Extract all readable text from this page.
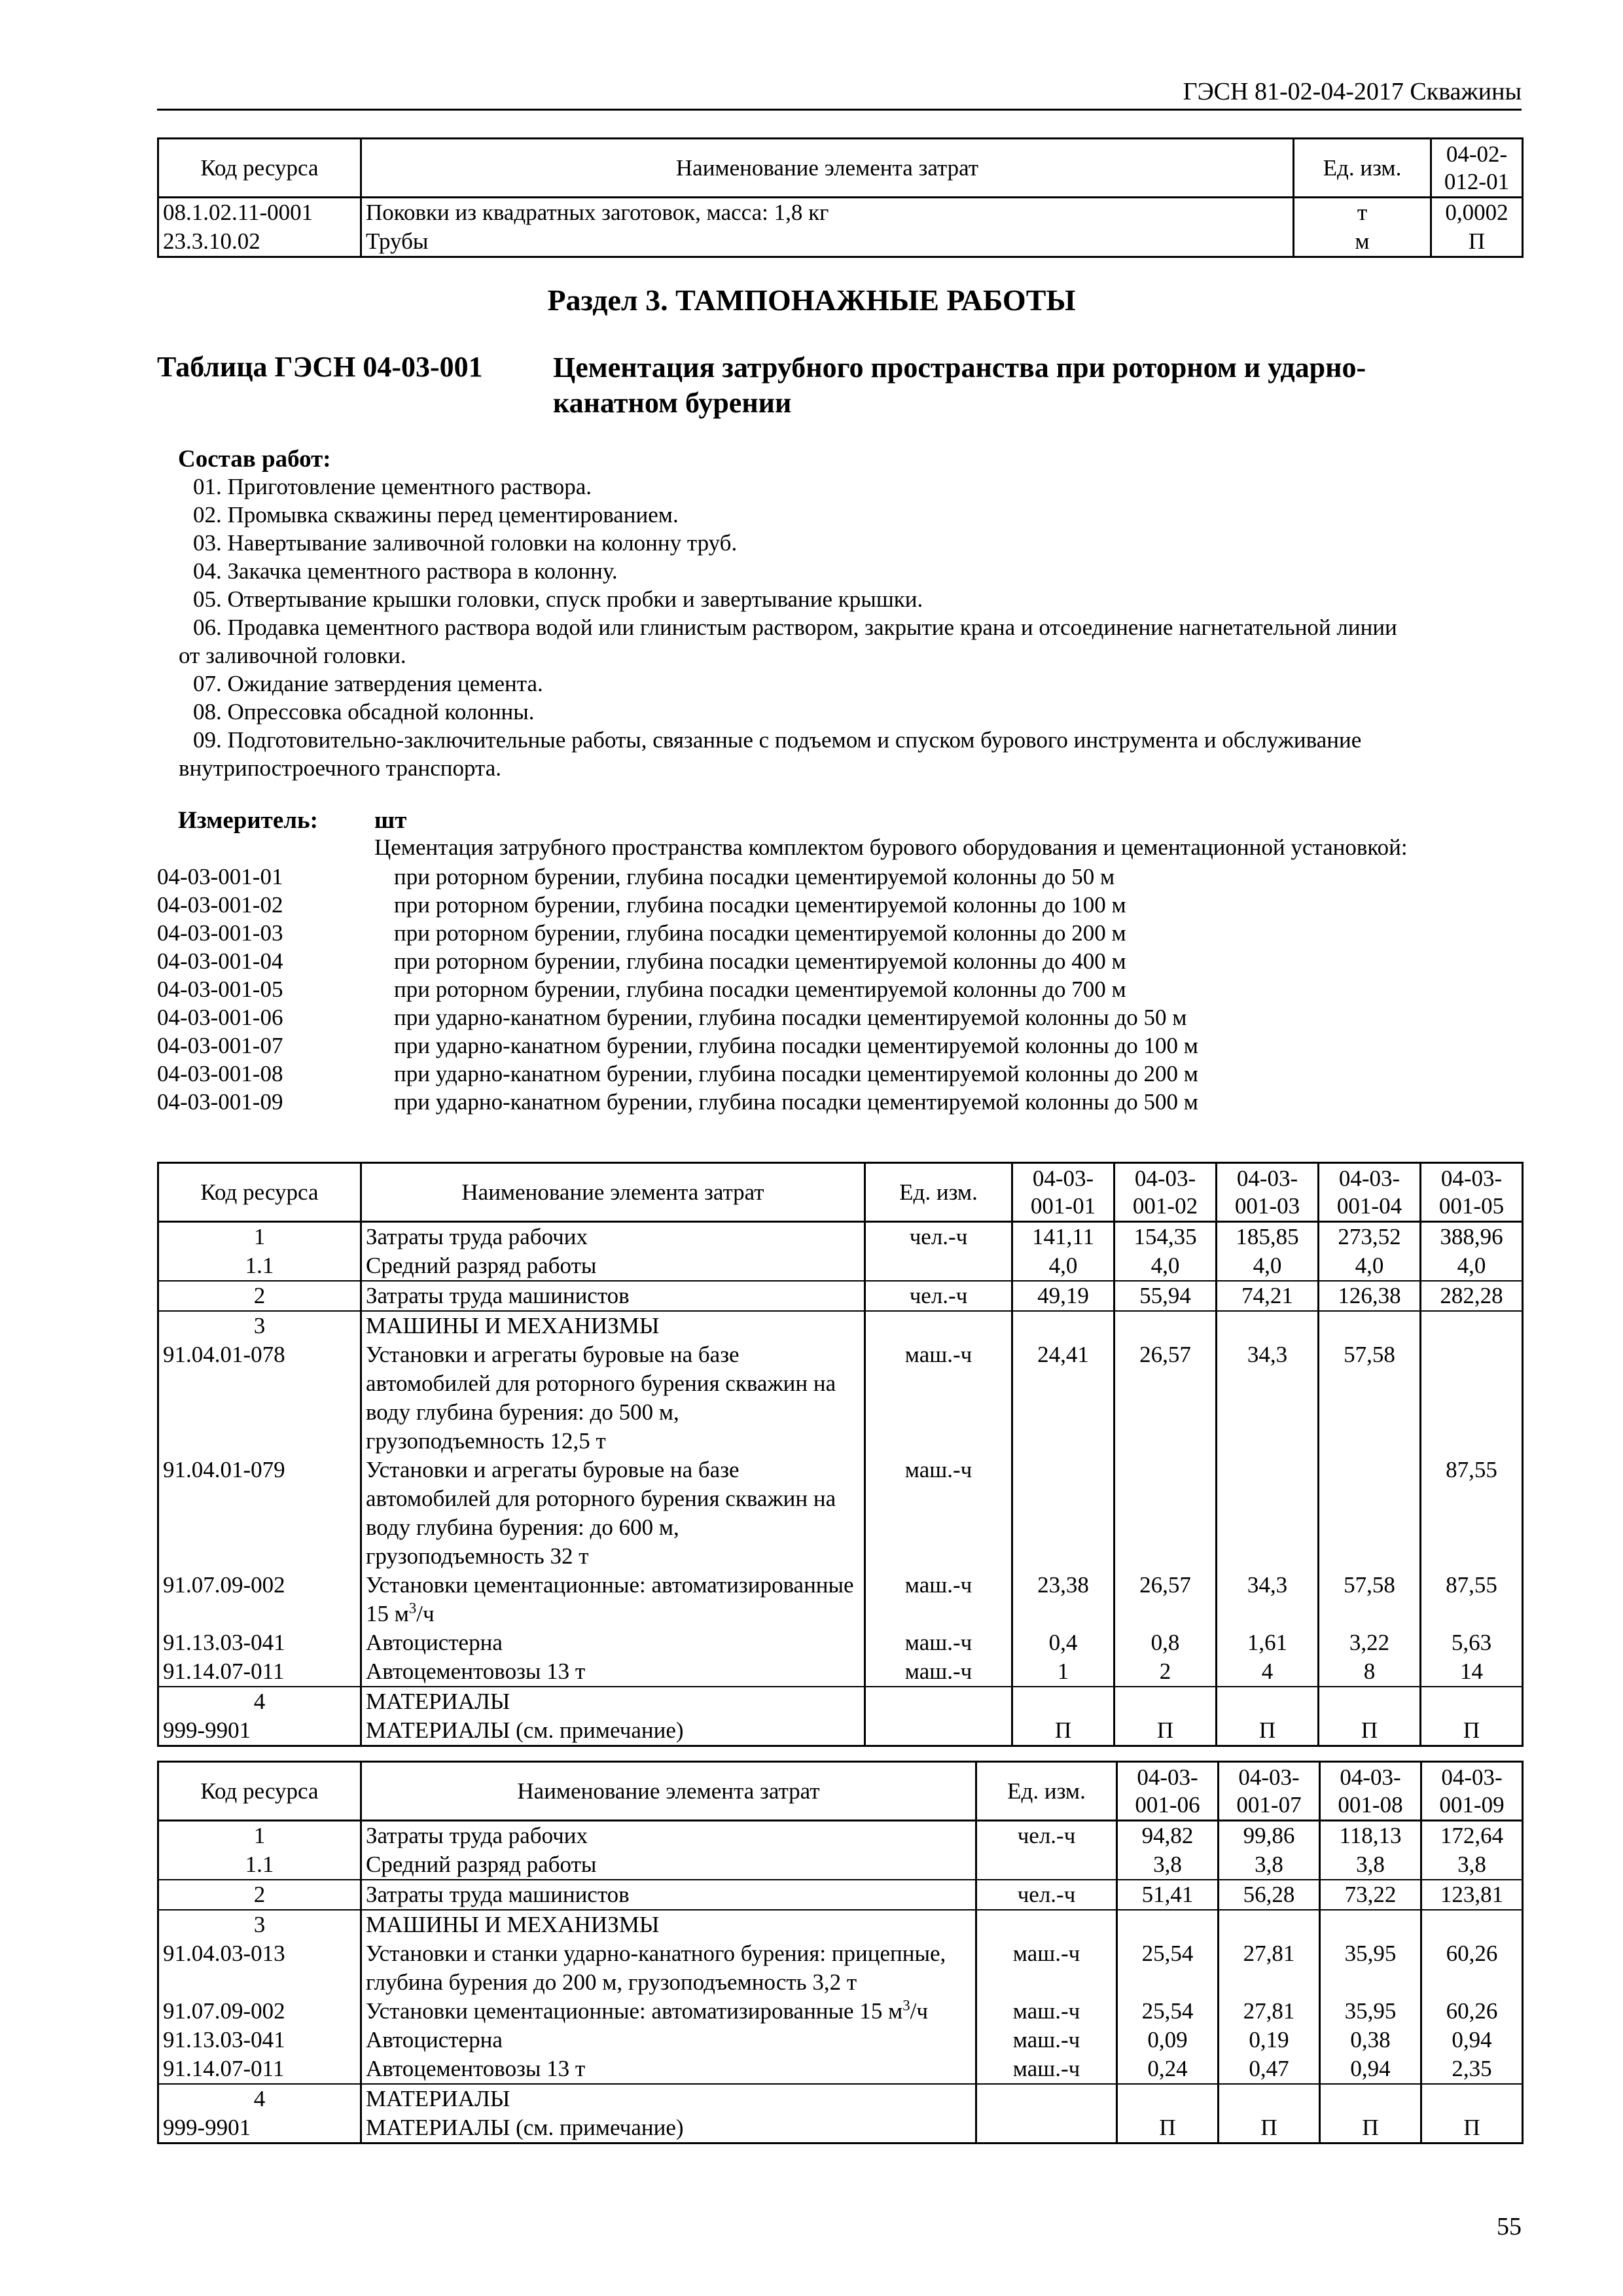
ГЭСН 81-02-04-2017 Скважины
Код ресурса	Наименование элемента затрат	Ед. изм.	04-02-012-01
08.1.02.11-0001	Поковки из квадратных заготовок, масса: 1,8 кг	т	0,0002
23.3.10.02	Трубы	м	П
Раздел 3. ТАМПОНАЖНЫЕ РАБОТЫ
Таблица ГЭСН 04-03-001 Цементация затрубного пространства при роторном и ударно-канатном бурении
Состав работ:
01. Приготовление цементного раствора.
02. Промывка скважины перед цементированием.
03. Навертывание заливочной головки на колонну труб.
04. Закачка цементного раствора в колонну.
05. Отвертывание крышки головки, спуск пробки и завертывание крышки.
06. Продавка цементного раствора водой или глинистым раствором, закрытие крана и отсоединение нагнетательной линии
от заливочной головки.
07. Ожидание затвердения цемента.
08. Опрессовка обсадной колонны.
09. Подготовительно-заключительные работы, связанные с подъемом и спуском бурового инструмента и обслуживание
внутрипостроечного транспорта.
Измеритель: шт
Цементация затрубного пространства комплектом бурового оборудования и цементационной установкой:
04-03-001-01	при роторном бурении, глубина посадки цементируемой колонны до 50 м
04-03-001-02	при роторном бурении, глубина посадки цементируемой колонны до 100 м
04-03-001-03	при роторном бурении, глубина посадки цементируемой колонны до 200 м
04-03-001-04	при роторном бурении, глубина посадки цементируемой колонны до 400 м
04-03-001-05	при роторном бурении, глубина посадки цементируемой колонны до 700 м
04-03-001-06	при ударно-канатном бурении, глубина посадки цементируемой колонны до 50 м
04-03-001-07	при ударно-канатном бурении, глубина посадки цементируемой колонны до 100 м
04-03-001-08	при ударно-канатном бурении, глубина посадки цементируемой колонны до 200 м
04-03-001-09	при ударно-канатном бурении, глубина посадки цементируемой колонны до 500 м
Код ресурса	Наименование элемента затрат	Ед. изм.	04-03-001-01	04-03-001-02	04-03-001-03	04-03-001-04	04-03-001-05
1	Затраты труда рабочих	чел.-ч	141,11	154,35	185,85	273,52	388,96
1.1	Средний разряд работы		4,0	4,0	4,0	4,0	4,0
2	Затраты труда машинистов	чел.-ч	49,19	55,94	74,21	126,38	282,28
3	МАШИНЫ И МЕХАНИЗМЫ						
91.04.01-078	Установки и агрегаты буровые на базе автомобилей для роторного бурения скважин на воду глубина бурения: до 500 м, грузоподъемность 12,5 т	маш.-ч	24,41	26,57	34,3	57,58	
91.04.01-079	Установки и агрегаты буровые на базе автомобилей для роторного бурения скважин на воду глубина бурения: до 600 м, грузоподъемность 32 т	маш.-ч					87,55
91.07.09-002	Установки цементационные: автоматизированные 15 $м^3/ч$	маш.-ч	23,38	26,57	34,3	57,58	87,55
91.13.03-041	Автоцистерна	маш.-ч	0,4	0,8	1,61	3,22	5,63
91.14.07-011	Автоцементовозы 13 т	маш.-ч	1	2	4	8	14
4	МАТЕРИАЛЫ						
999-9901	МАТЕРИАЛЫ (см. примечание)		П	П	П	П	П
Код ресурса	Наименование элемента затрат	Ед. изм.	04-03-001-06	04-03-001-07	04-03-001-08	04-03-001-09
1	Затраты труда рабочих	чел.-ч	94,82	99,86	118,13	172,64
1.1	Средний разряд работы		3,8	3,8	3,8	3,8
2	Затраты труда машинистов	чел.-ч	51,41	56,28	73,22	123,81
3	МАШИНЫ И МЕХАНИЗМЫ					
91.04.03-013	Установки и станки ударно-канатного бурения: прицепные, глубина бурения до 200 м, грузоподъемность 3,2 т	маш.-ч	25,54	27,81	35,95	60,26
91.07.09-002	Установки цементационные: автоматизированные 15 $м^3/ч$	маш.-ч	25,54	27,81	35,95	60,26
91.13.03-041	Автоцистерна	маш.-ч	0,09	0,19	0,38	0,94
91.14.07-011	Автоцементовозы 13 т	маш.-ч	0,24	0,47	0,94	2,35
4	МАТЕРИАЛЫ					
999-9901	МАТЕРИАЛЫ (см. примечание)		П	П	П	П
55
